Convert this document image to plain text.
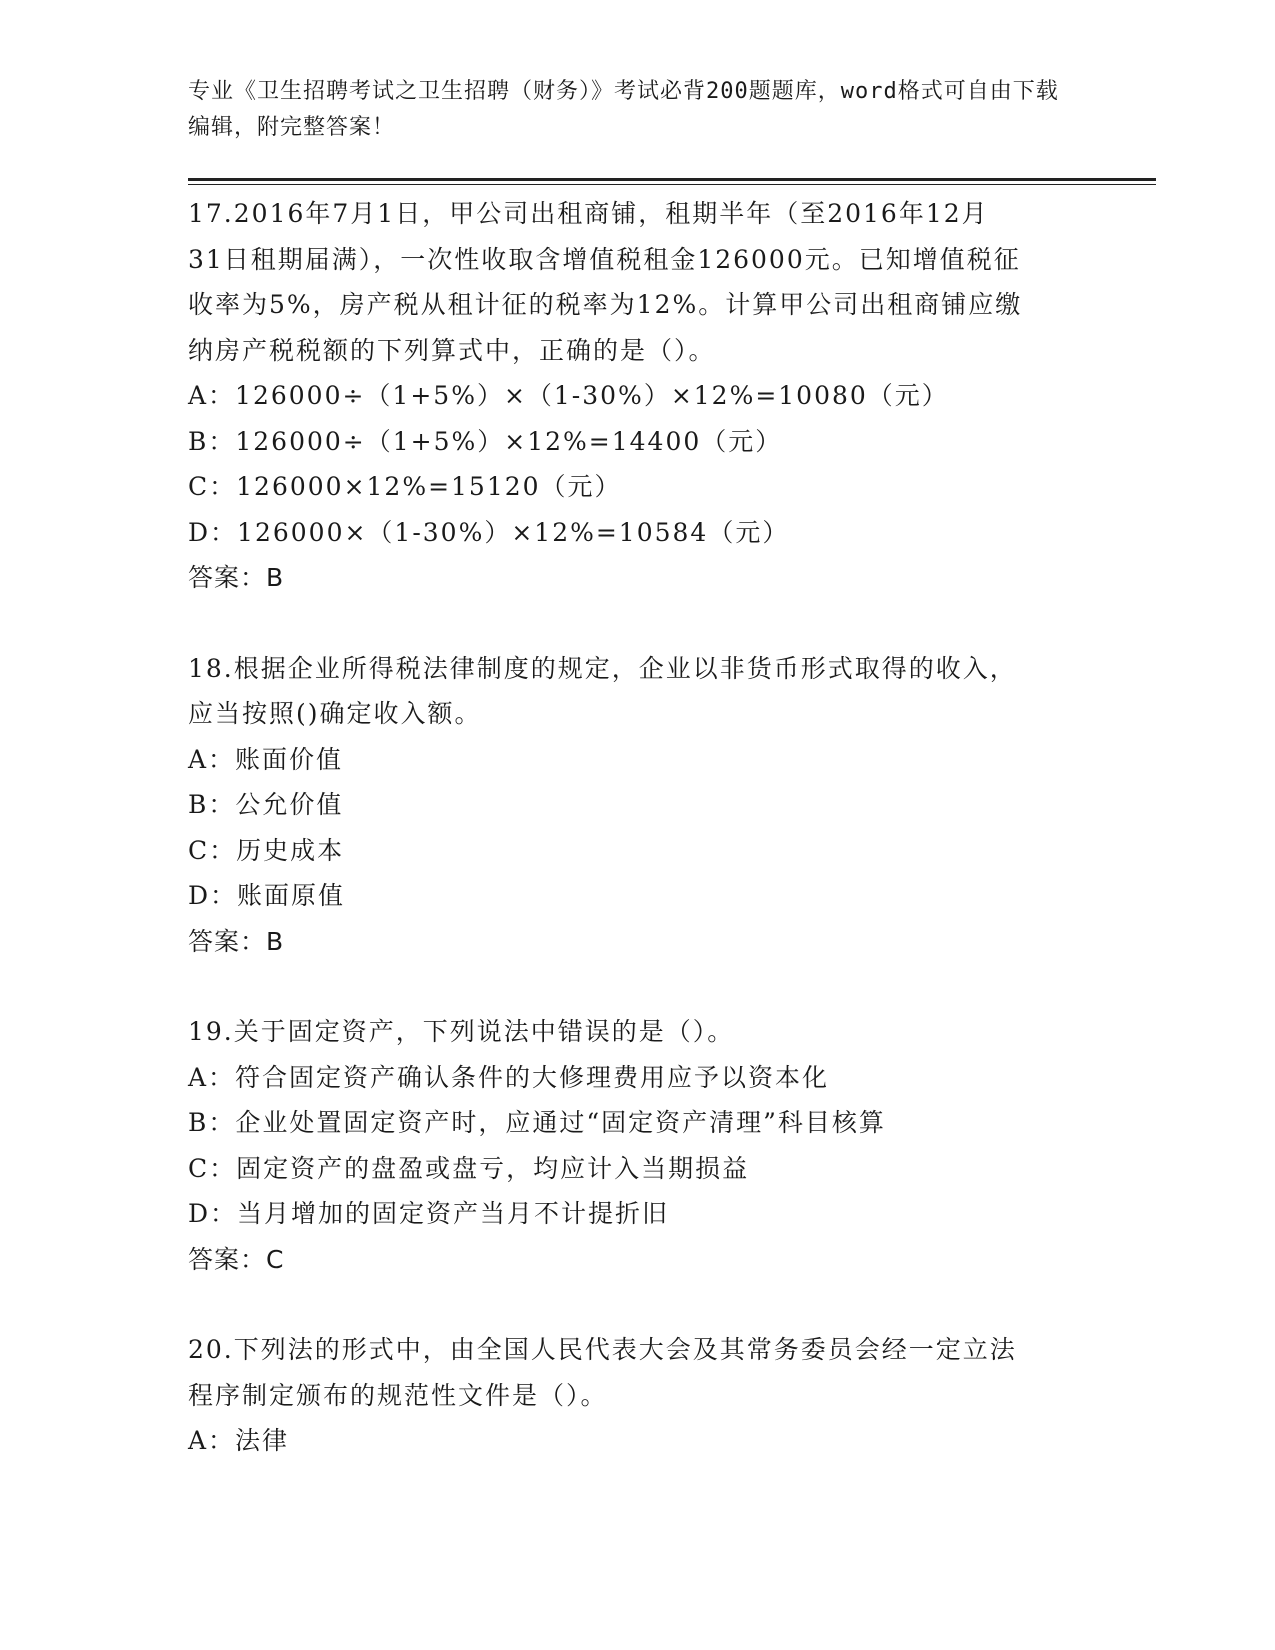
专业《卫生招聘考试之卫生招聘（财务）》考试必背200题题库，word格式可自由下载编辑，附完整答案！
17.2016年7月1日，甲公司出租商铺，租期半年（至2016年12月
31日租期届满），一次性收取含增值税租金126000元。已知增值税征
收率为5%，房产税从租计征的税率为12%。计算甲公司出租商铺应缴
纳房产税税额的下列算式中，正确的是（）。
A：126000÷（1+5%）×（1-30%）×12%=10080（元）
B：126000÷（1+5%）×12%=14400（元）
C：126000×12%=15120（元）
D：126000×（1-30%）×12%=10584（元）
答案：B
18.根据企业所得税法律制度的规定，企业以非货币形式取得的收入，
应当按照()确定收入额。
A：账面价值
B：公允价值
C：历史成本
D：账面原值
答案：B
19.关于固定资产，下列说法中错误的是（）。
A：符合固定资产确认条件的大修理费用应予以资本化
B：企业处置固定资产时，应通过“固定资产清理”科目核算
C：固定资产的盘盈或盘亏，均应计入当期损益
D：当月增加的固定资产当月不计提折旧
答案：C
20.下列法的形式中，由全国人民代表大会及其常务委员会经一定立法
程序制定颁布的规范性文件是（）。
A：法律
